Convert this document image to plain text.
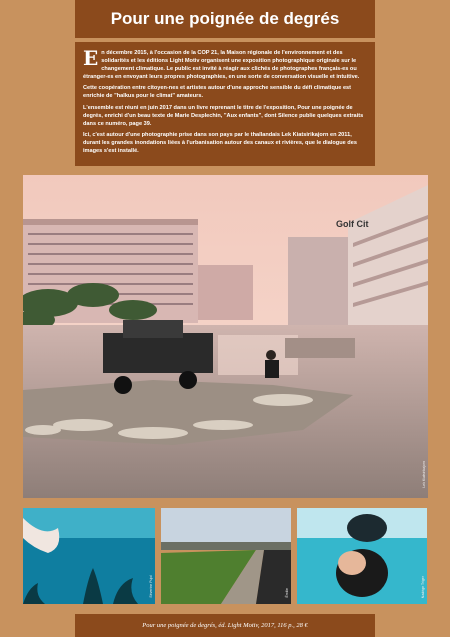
Pour une poignée de degrés

En décembre 2015, à l'occasion de la COP 21, la Maison régionale de l'environnement et des solidarités et les éditions Light Motiv organisent une exposition photographique originale sur le changement climatique. Le public est invité à réagir aux clichés de photographes français-es ou étranger-es en envoyant leurs propres photographies, en une sorte de conversation visuelle et intuitive.

Cette coopération entre citoyen-nes et artistes autour d'une approche sensible du défi climatique est enrichie de "haïkus pour le climat" amateurs.

L'ensemble est réuni en juin 2017 dans un livre reprenant le titre de l'exposition, Pour une poignée de degrés, enrichi d'un beau texte de Marie Desplechin, "Aux enfants", dont Silence publie quelques extraits dans ce numéro, page 39.

Ici, c'est autour d'une photographie prise dans son pays par le thaïlandais Lek Kiatsirikajorn en 2011, durant les grandes inondations liées à l'urbanisation autour des canaux et rivières, que le dialogue des images s'est installé.

Golf Cit
Lek Kiatsirikajorn
Séverine Pujol	Émilie	Nadège Triger
Pour une poignée de degrés, éd. Light Motiv, 2017, 116 p., 28 €
